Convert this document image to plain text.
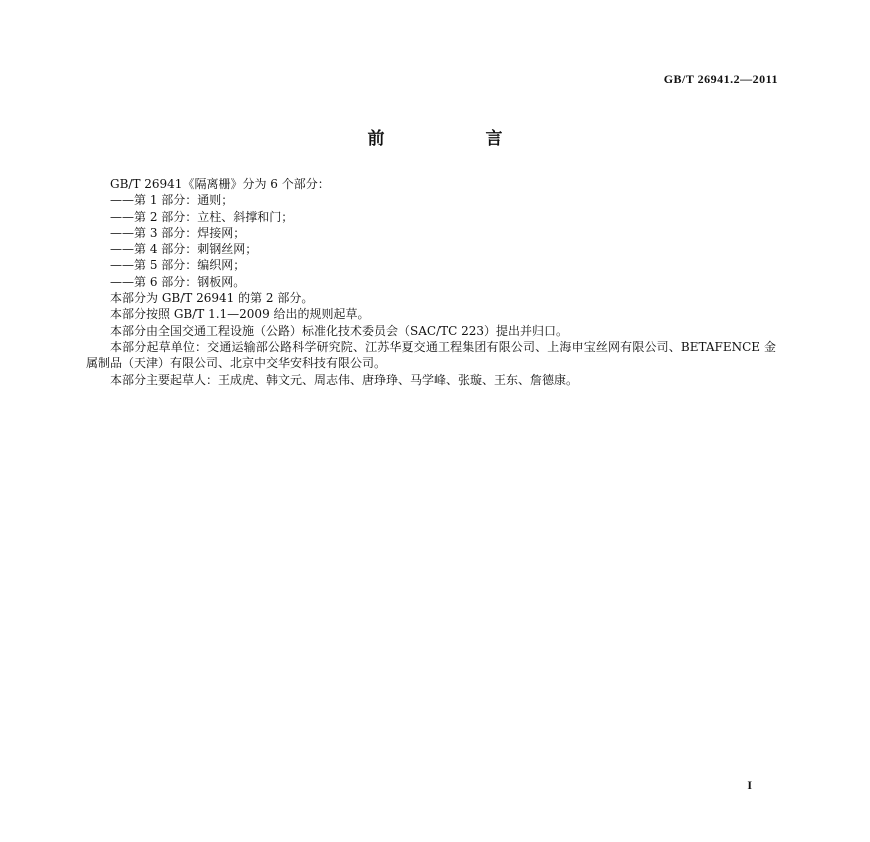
GB/T 26941.2—2011
前　言

GB/T 26941《隔离栅》分为 6 个部分：

——第 1 部分：通则；

——第 2 部分：立柱、斜撑和门；

——第 3 部分：焊接网；

——第 4 部分：刺钢丝网；

——第 5 部分：编织网；

——第 6 部分：钢板网。

本部分为 GB/T 26941 的第 2 部分。

本部分按照 GB/T 1.1—2009 给出的规则起草。

本部分由全国交通工程设施（公路）标准化技术委员会（SAC/TC 223）提出并归口。

本部分起草单位：交通运输部公路科学研究院、江苏华夏交通工程集团有限公司、上海申宝丝网有限公司、BETAFENCE 金属制品（天津）有限公司、北京中交华安科技有限公司。

本部分主要起草人：王成虎、韩文元、周志伟、唐琤琤、马学峰、张璇、王东、詹德康。

I
